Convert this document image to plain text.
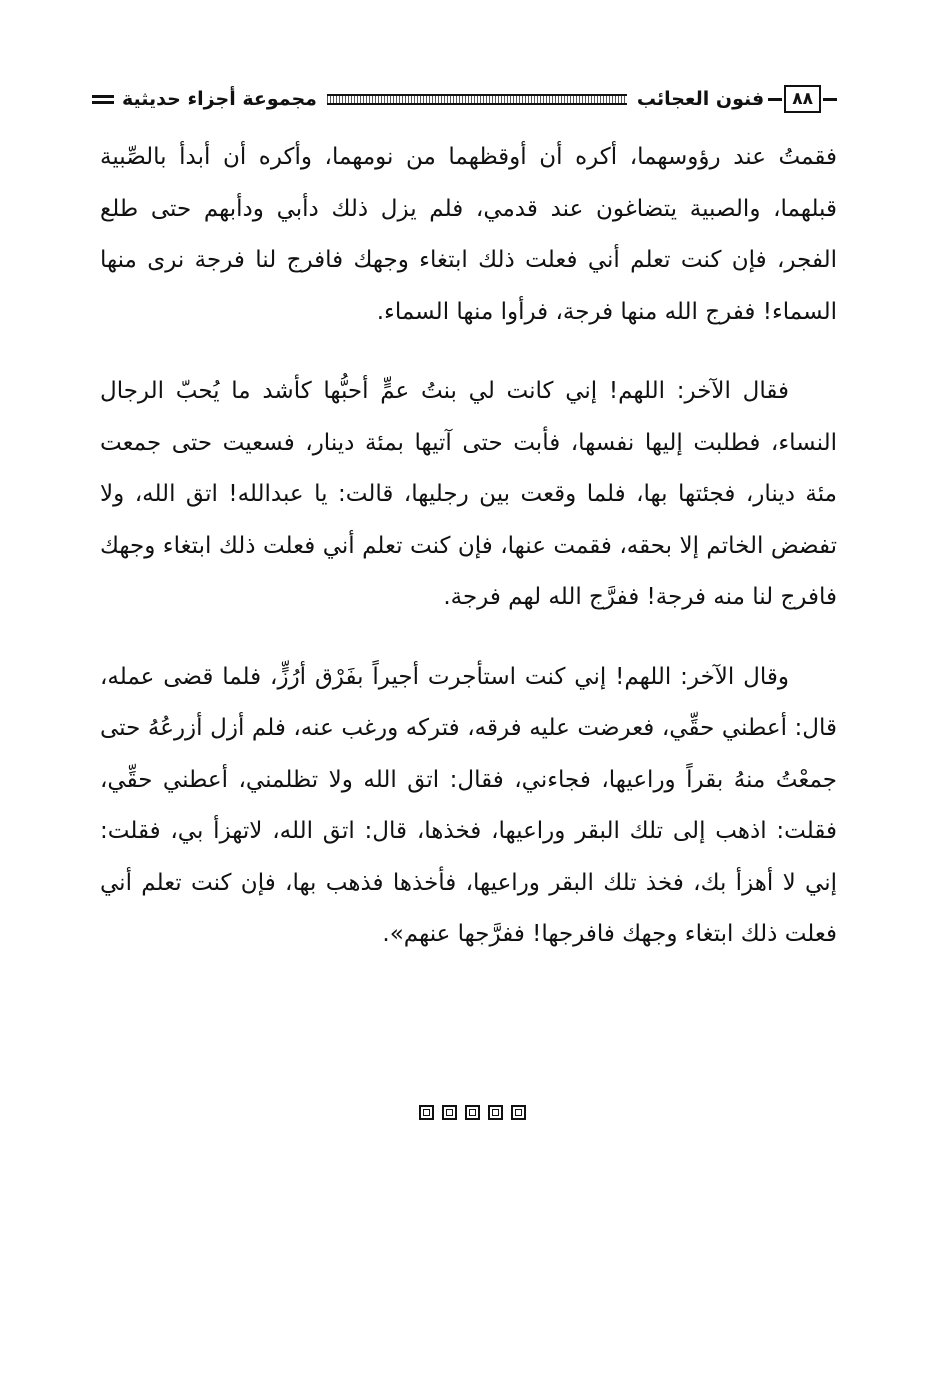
٨٨
فنون العجائب
مجموعة أجزاء حديثية

فقمتُ عند رؤوسهما، أكره أن أوقظهما من نومهما، وأكره أن أبدأ بالصِّبية قبلهما، والصبية يتضاغون عند قدمي، فلم يزل ذلك دأبي ودأبهم حتى طلع الفجر، فإن كنت تعلم أني فعلت ذلك ابتغاء وجهك فافرج لنا فرجة نرى منها السماء! ففرج الله منها فرجة، فرأوا منها السماء.

فقال الآخر: اللهم! إني كانت لي بنتُ عمٍّ أحبُّها كأشد ما يُحبّ الرجال النساء، فطلبت إليها نفسها، فأبت حتى آتيها بمئة دينار، فسعيت حتى جمعت مئة دينار، فجئتها بها، فلما وقعت بين رجليها، قالت: يا عبدالله! اتق الله، ولا تفضض الخاتم إلا بحقه، فقمت عنها، فإن كنت تعلم أني فعلت ذلك ابتغاء وجهك فافرج لنا منه فرجة! ففرَّج الله لهم فرجة.

وقال الآخر: اللهم! إني كنت استأجرت أجيراً بفَرْق أرُزٍّ، فلما قضى عمله، قال: أعطني حقِّي، فعرضت عليه فرقه، فتركه ورغب عنه، فلم أزل أزرعُهُ حتى جمعْتُ منهُ بقراً وراعيها، فجاءني، فقال: اتق الله ولا تظلمني، أعطني حقِّي، فقلت: اذهب إلى تلك البقر وراعيها، فخذها، قال: اتق الله، لاتهزأ بي، فقلت: إني لا أهزأ بك، فخذ تلك البقر وراعيها، فأخذها فذهب بها، فإن كنت تعلم أني فعلت ذلك ابتغاء وجهك فافرجها! ففرَّجها عنهم».
